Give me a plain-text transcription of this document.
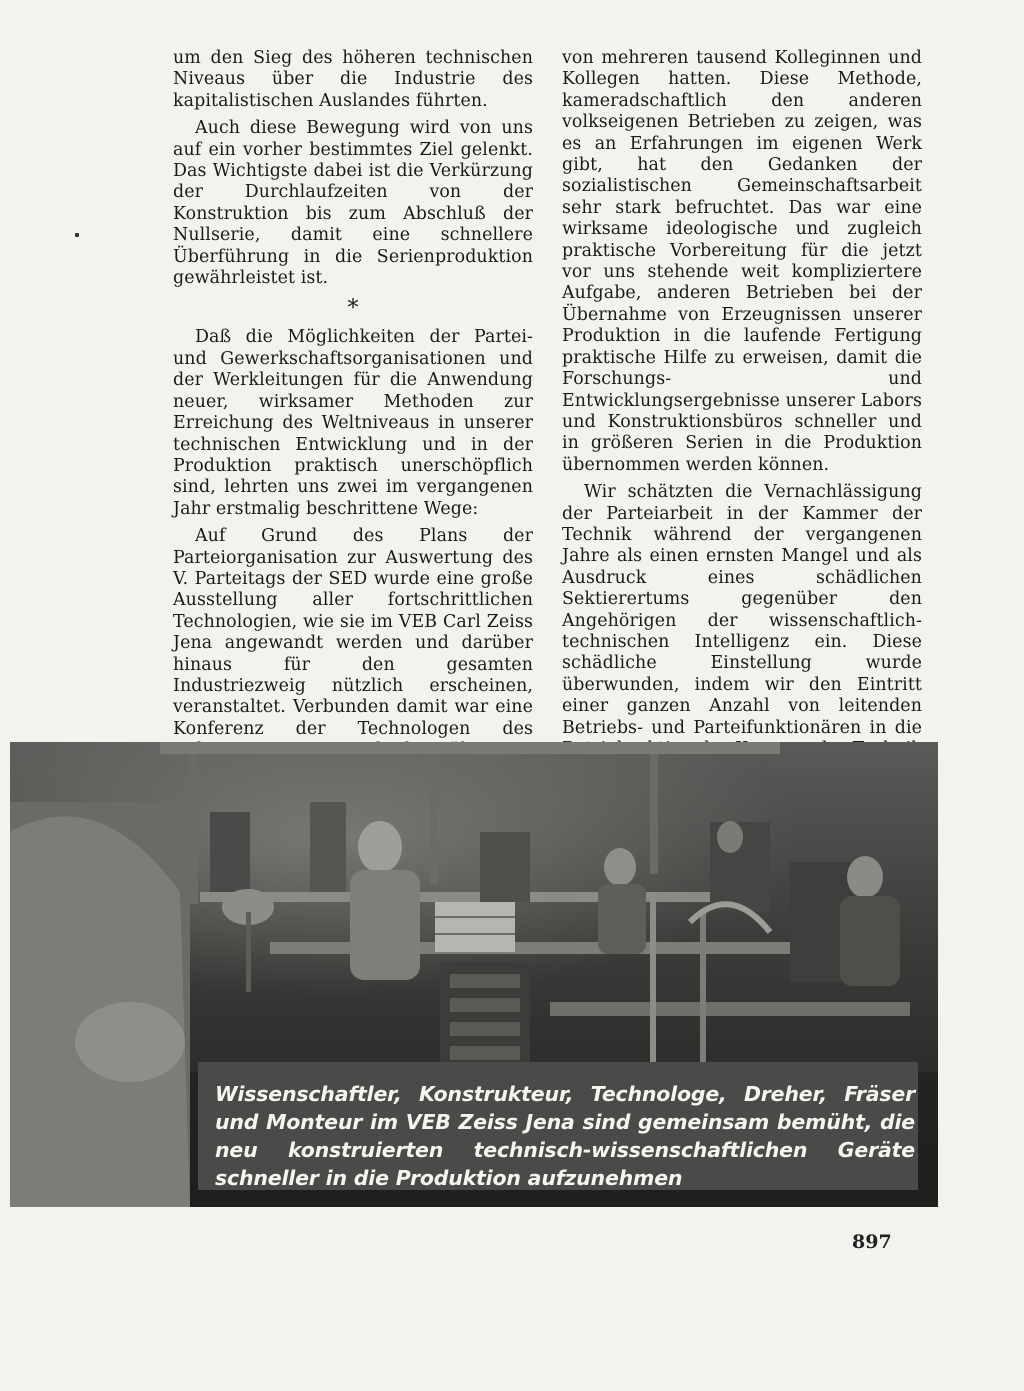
um den Sieg des höheren technischen Niveaus über die Industrie des kapitalistischen Auslandes führten.

Auch diese Bewegung wird von uns auf ein vorher bestimmtes Ziel gelenkt. Das Wichtigste dabei ist die Verkürzung der Durchlaufzeiten von der Konstruktion bis zum Abschluß der Nullserie, damit eine schnellere Überführung in die Serienproduktion gewährleistet ist.

*

Daß die Möglichkeiten der Partei- und Gewerkschaftsorganisationen und der Werkleitungen für die Anwendung neuer, wirksamer Methoden zur Erreichung des Weltniveaus in unserer technischen Entwicklung und in der Produktion praktisch unerschöpflich sind, lehrten uns zwei im vergangenen Jahr erstmalig beschrittene Wege:

Auf Grund des Plans der Parteiorganisation zur Auswertung des V. Parteitags der SED wurde eine große Ausstellung aller fortschrittlichen Technologien, wie sie im VEB Carl Zeiss Jena angewandt werden und darüber hinaus für den gesamten Industriezweig nützlich erscheinen, veranstaltet. Verbunden damit war eine Konferenz der Technologen des

von mehreren tausend Kolleginnen und Kollegen hatten. Diese Methode, kameradschaftlich den anderen volkseigenen Betrieben zu zeigen, was es an Erfahrungen im eigenen Werk gibt, hat den Gedanken der sozialistischen Gemeinschaftsarbeit sehr stark befruchtet. Das war eine wirksame ideologische und zugleich praktische Vorbereitung für die jetzt vor uns stehende weit kompliziertere Aufgabe, anderen Betrieben bei der Übernahme von Erzeugnissen unserer Produktion in die laufende Fertigung praktische Hilfe zu erweisen, damit die Forschungs- und Entwicklungsergebnisse unserer Labors und Konstruktionsbüros schneller und in größeren Serien in die Produktion übernommen werden können.

Wir schätzten die Vernachlässigung der Parteiarbeit in der Kammer der Technik während der vergangenen Jahre als einen ernsten Mangel und als Ausdruck eines schädlichen Sektierertums gegenüber den Angehörigen der wissenschaftlich-technischen Intelligenz ein. Diese schädliche Einstellung wurde überwunden, indem wir den Eintritt einer ganzen Anzahl von leitenden Betriebs- und Parteifunktionären in die

Wissenschaftler, Konstrukteur, Technologe, Dreher, Fräser und Monteur im VEB Zeiss Jena sind gemeinsam bemüht, die neu konstruierten technisch-wissenschaftlichen Geräte schneller in die Produktion aufzunehmen
897
